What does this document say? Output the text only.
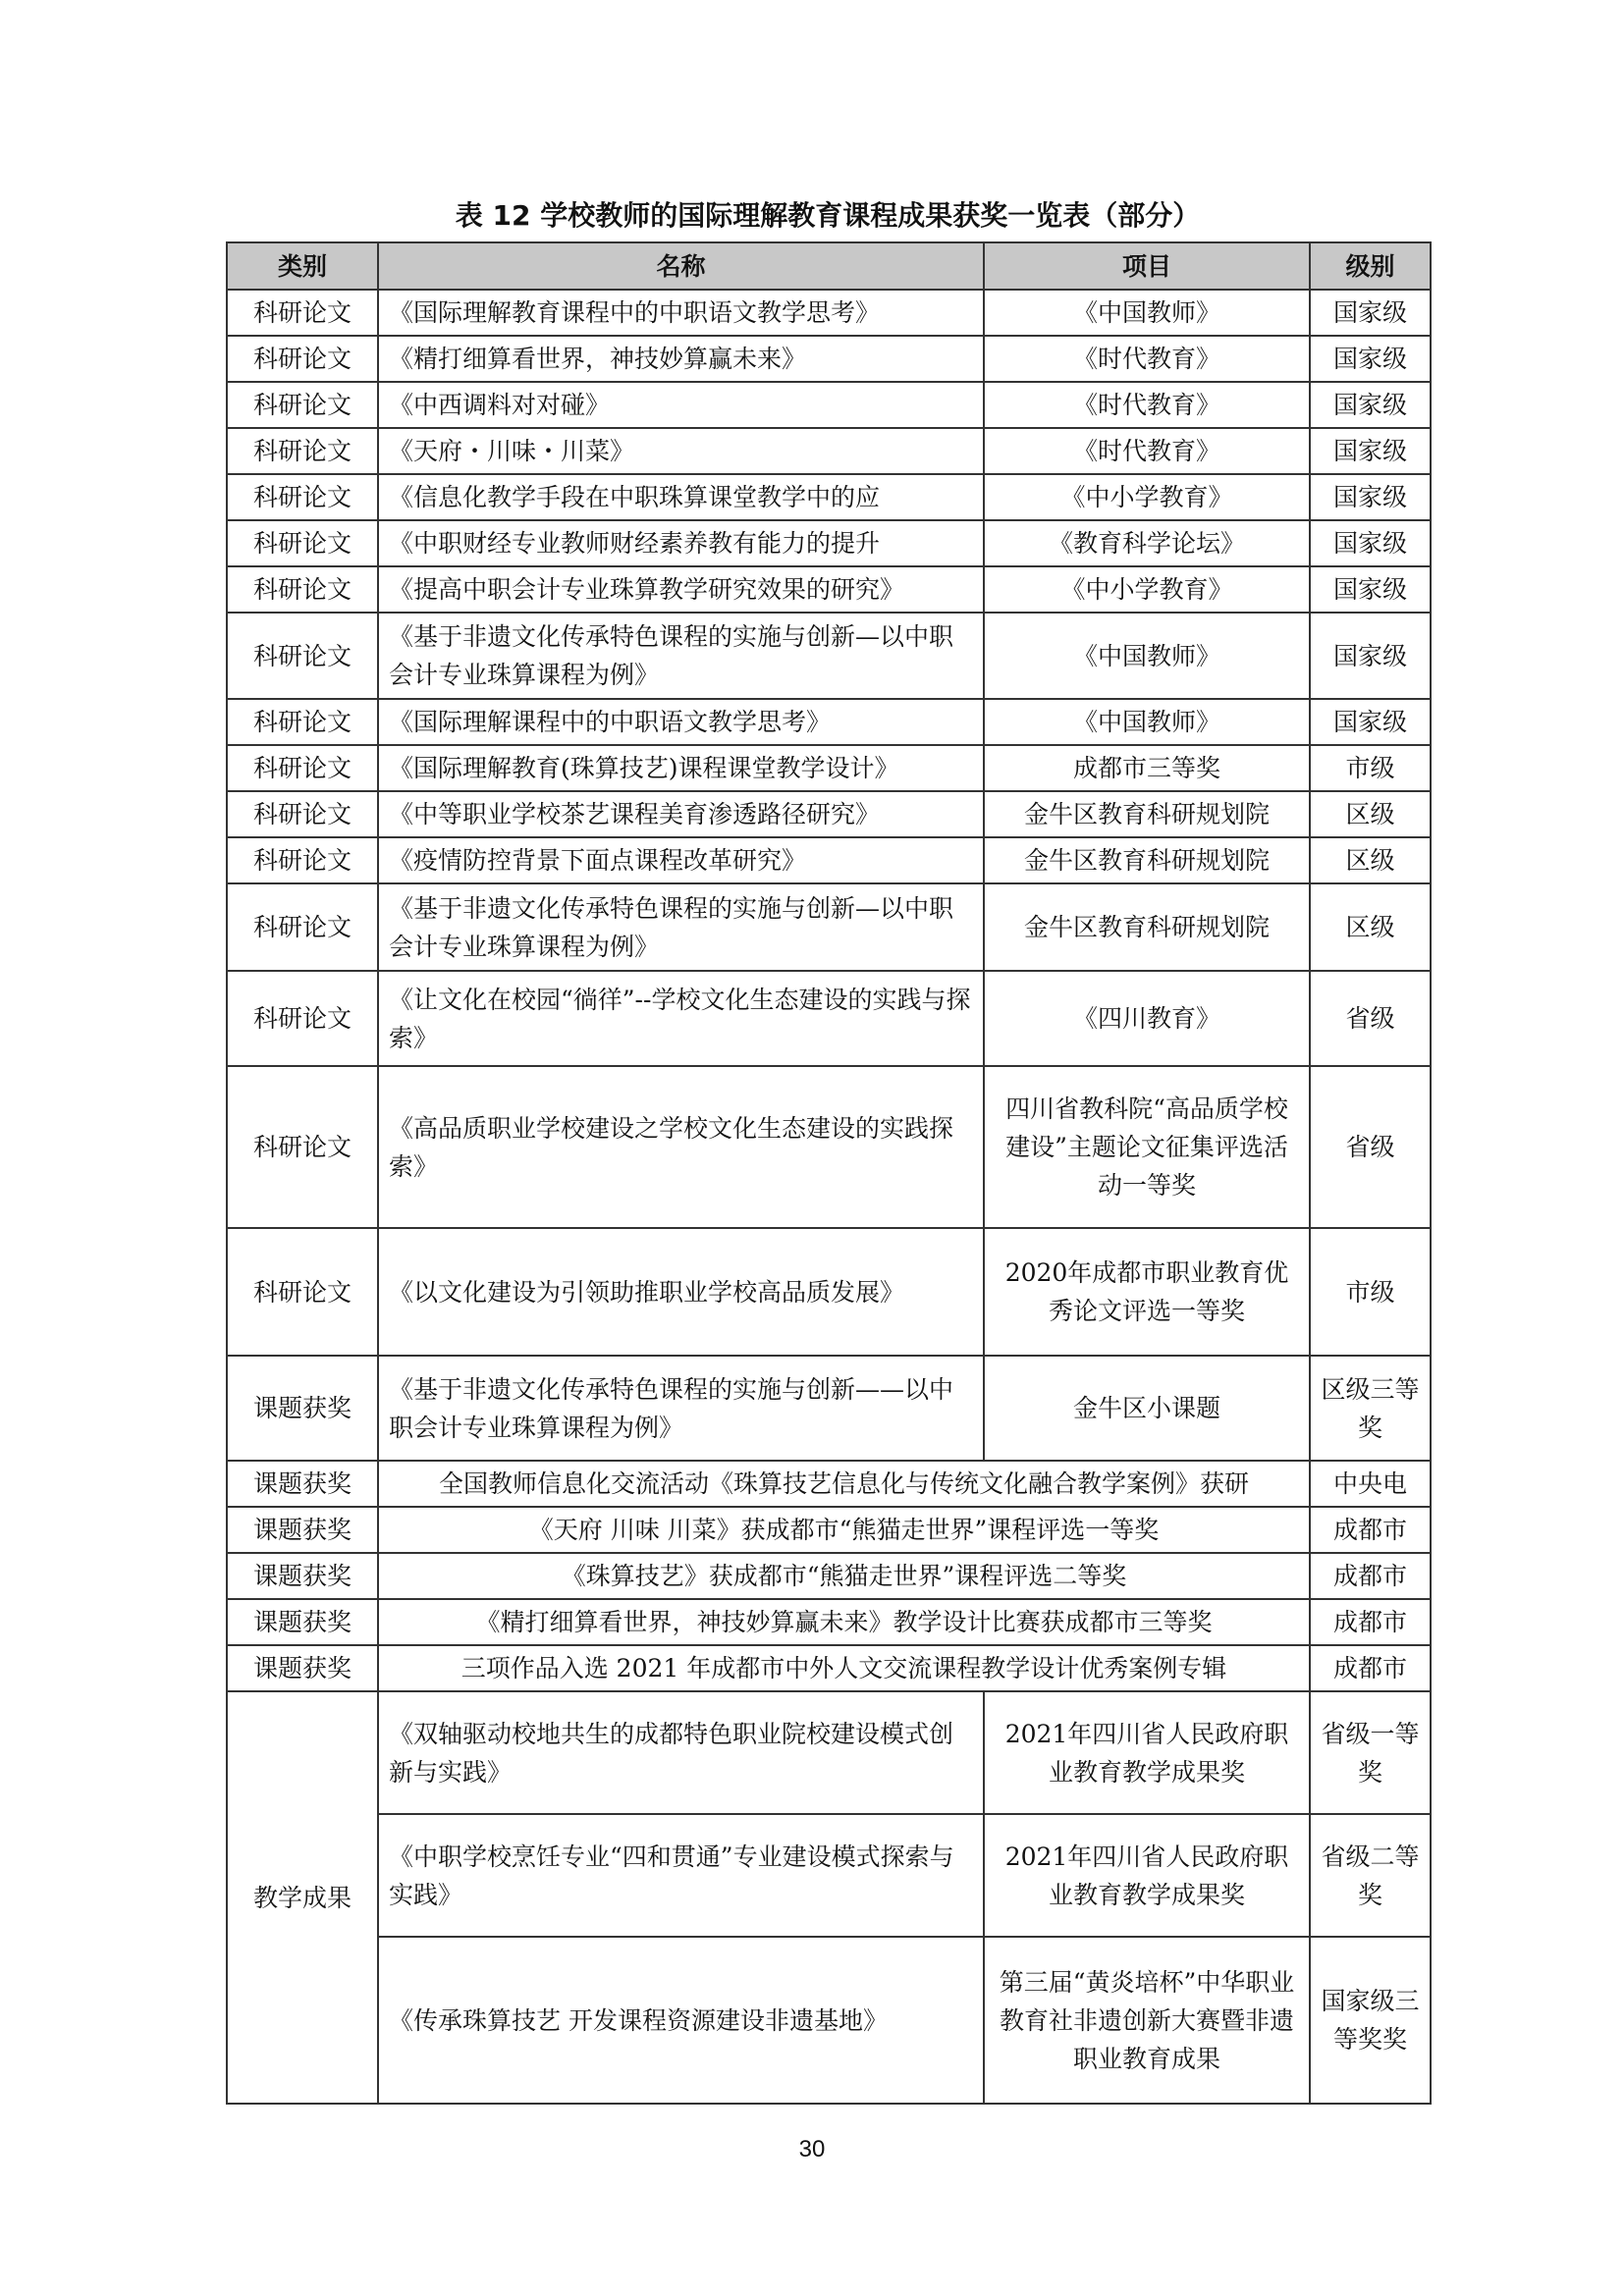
表 12 学校教师的国际理解教育课程成果获奖一览表（部分）
类别	名称	项目	级别
科研论文	《国际理解教育课程中的中职语文教学思考》	《中国教师》	国家级
科研论文	《精打细算看世界，神技妙算赢未来》	《时代教育》	国家级
科研论文	《中西调料对对碰》	《时代教育》	国家级
科研论文	《天府・川味・川菜》	《时代教育》	国家级
科研论文	《信息化教学手段在中职珠算课堂教学中的应	《中小学教育》	国家级
科研论文	《中职财经专业教师财经素养教有能力的提升	《教育科学论坛》	国家级
科研论文	《提高中职会计专业珠算教学研究效果的研究》	《中小学教育》	国家级
科研论文	《基于非遗文化传承特色课程的实施与创新—以中职会计专业珠算课程为例》	《中国教师》	国家级
科研论文	《国际理解课程中的中职语文教学思考》	《中国教师》	国家级
科研论文	《国际理解教育(珠算技艺)课程课堂教学设计》	成都市三等奖	市级
科研论文	《中等职业学校茶艺课程美育渗透路径研究》	金牛区教育科研规划院	区级
科研论文	《疫情防控背景下面点课程改革研究》	金牛区教育科研规划院	区级
科研论文	《基于非遗文化传承特色课程的实施与创新—以中职会计专业珠算课程为例》	金牛区教育科研规划院	区级
科研论文	《让文化在校园“徜徉”--学校文化生态建设的实践与探索》	《四川教育》	省级
科研论文	《高品质职业学校建设之学校文化生态建设的实践探索》	四川省教科院“高品质学校建设”主题论文征集评选活动一等奖	省级
科研论文	《以文化建设为引领助推职业学校高品质发展》	2020年成都市职业教育优秀论文评选一等奖	市级
课题获奖	《基于非遗文化传承特色课程的实施与创新——以中职会计专业珠算课程为例》	金牛区小课题	区级三等奖
课题获奖	全国教师信息化交流活动《珠算技艺信息化与传统文化融合教学案例》获研		中央电
课题获奖	《天府 川味 川菜》获成都市“熊猫走世界”课程评选一等奖		成都市
课题获奖	《珠算技艺》获成都市“熊猫走世界”课程评选二等奖		成都市
课题获奖	《精打细算看世界，神技妙算赢未来》教学设计比赛获成都市三等奖		成都市
课题获奖	三项作品入选 2021 年成都市中外人文交流课程教学设计优秀案例专辑		成都市
教学成果	《双轴驱动校地共生的成都特色职业院校建设模式创新与实践》	2021年四川省人民政府职业教育教学成果奖	省级一等奖
	《中职学校烹饪专业“四和贯通”专业建设模式探索与实践》	2021年四川省人民政府职业教育教学成果奖	省级二等奖
	《传承珠算技艺 开发课程资源建设非遗基地》	第三届“黄炎培杯”中华职业教育社非遗创新大赛暨非遗职业教育成果	国家级三等奖奖
30
